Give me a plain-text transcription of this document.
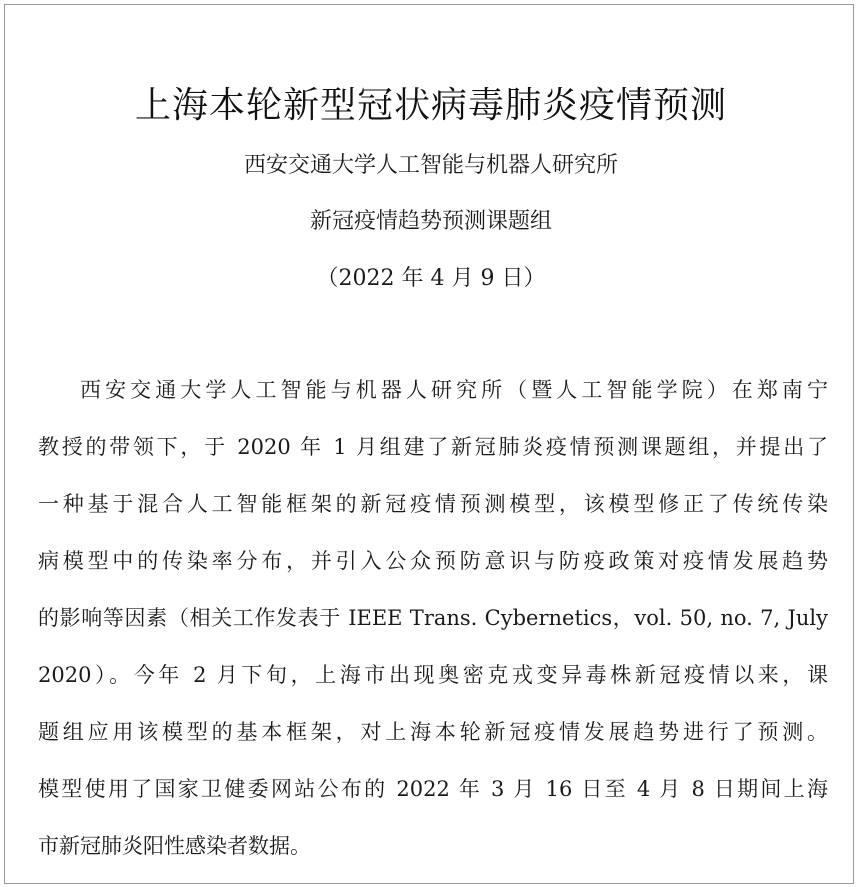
上海本轮新型冠状病毒肺炎疫情预测
西安交通大学人工智能与机器人研究所
新冠疫情趋势预测课题组
（2022 年 4 月 9 日）
西安交通大学人工智能与机器人研究所（暨人工智能学院）在郑南宁
教授的带领下，于 2020 年 1 月组建了新冠肺炎疫情预测课题组，并提出了
一种基于混合人工智能框架的新冠疫情预测模型，该模型修正了传统传染
病模型中的传染率分布，并引入公众预防意识与防疫政策对疫情发展趋势
的影响等因素（相关工作发表于 IEEE Trans. Cybernetics，vol. 50, no. 7, July
2020）。今年 2 月下旬，上海市出现奥密克戎变异毒株新冠疫情以来，课
题组应用该模型的基本框架，对上海本轮新冠疫情发展趋势进行了预测。
模型使用了国家卫健委网站公布的 2022 年 3 月 16 日至 4 月 8 日期间上海
市新冠肺炎阳性感染者数据。
